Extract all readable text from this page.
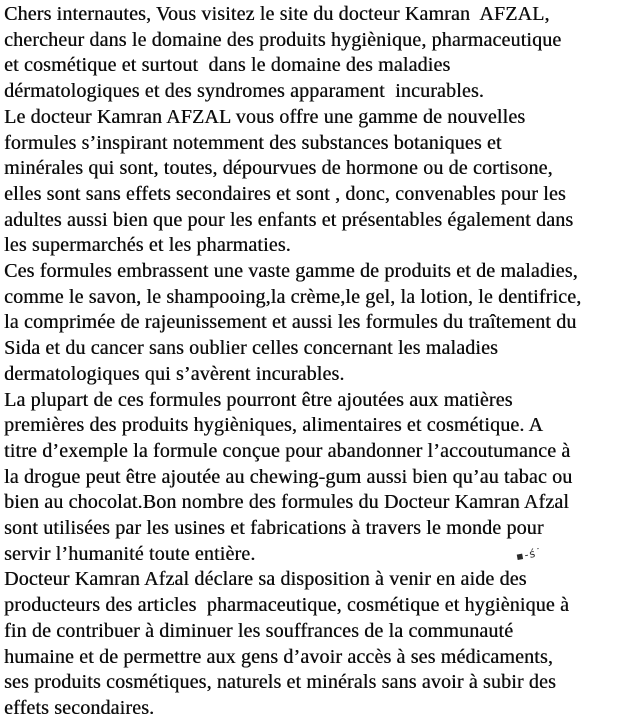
Chers internautes, Vous visitez le site du docteur Kamran  AFZAL,
chercheur dans le domaine des produits hygiènique, pharmaceutique
et cosmétique et surtout  dans le domaine des maladies
dérmatologiques et des syndromes apparament  incurables.
Le docteur Kamran AFZAL vous offre une gamme de nouvelles
formules s’inspirant notemment des substances botaniques et
minérales qui sont, toutes, dépourvues de hormone ou de cortisone,
elles sont sans effets secondaires et sont , donc, convenables pour les
adultes aussi bien que pour les enfants et présentables également dans
les supermarchés et les pharmaties.
Ces formules embrassent une vaste gamme de produits et de maladies,
comme le savon, le shampooing,la crème,le gel, la lotion, le dentifrice,
la comprimée de rajeunissement et aussi les formules du traîtement du
Sida et du cancer sans oublier celles concernant les maladies
dermatologiques qui s’avèrent incurables.
La plupart de ces formules pourront être ajoutées aux matières
premières des produits hygièniques, alimentaires et cosmétique. A
titre d’exemple la formule conçue pour abandonner l’accoutumance à
la drogue peut être ajoutée au chewing-gum aussi bien qu’au tabac ou
bien au chocolat.Bon nombre des formules du Docteur Kamran Afzal
sont utilisées par les usines et fabrications à travers le monde pour
servir l’humanité toute entière.
Docteur Kamran Afzal déclare sa disposition à venir en aide des
producteurs des articles  pharmaceutique, cosmétique et hygiènique à
fin de contribuer à diminuer les souffrances de la communauté
humaine et de permettre aux gens d’avoir accès à ses médicaments,
ses produits cosmétiques, naturels et minérals sans avoir à subir des
effets secondaires.
▪-ś˙
